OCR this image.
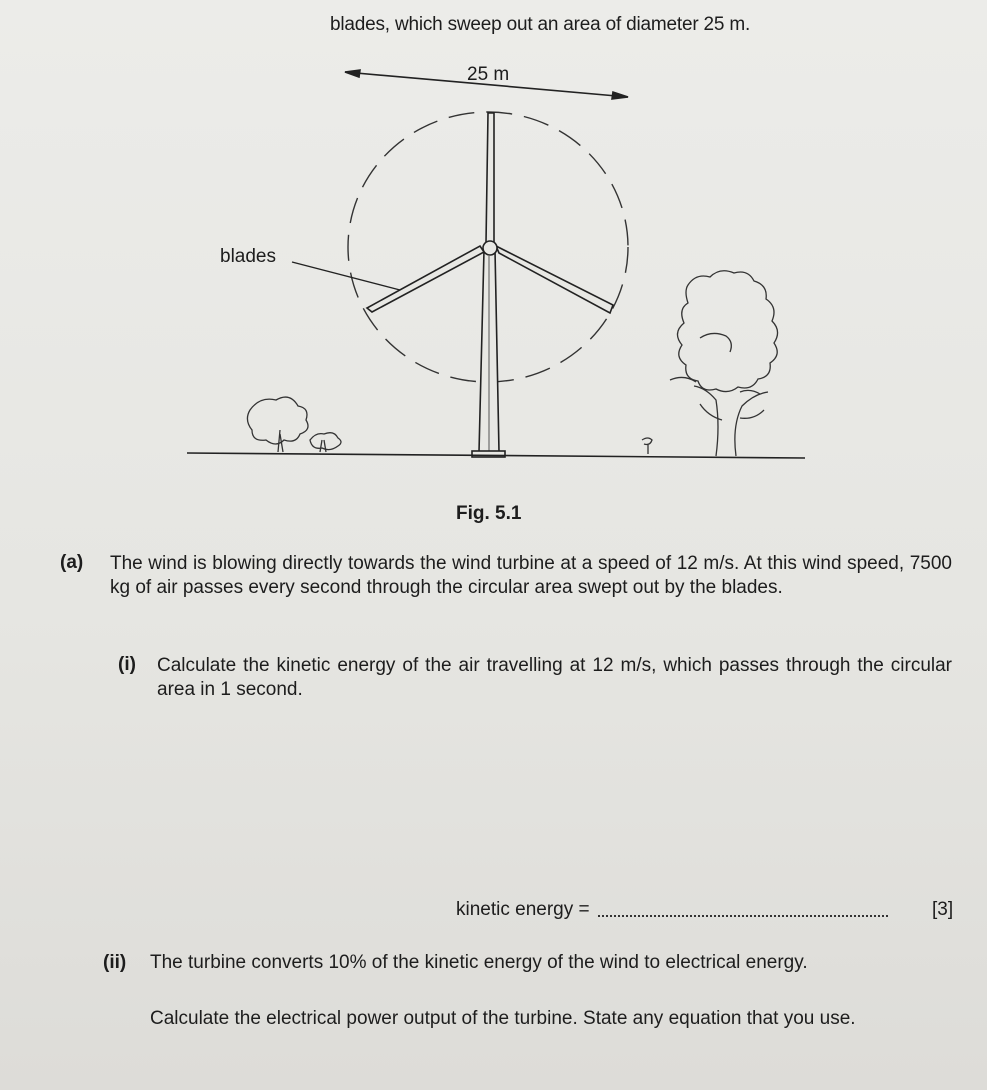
blades, which sweep out an area of diameter 25 m.
25 m
blades
Fig. 5.1
(a) The wind is blowing directly towards the wind turbine at a speed of 12 m/s. At this wind speed, 7500 kg of air passes every second through the circular area swept out by the blades.
(i) Calculate the kinetic energy of the air travelling at 12 m/s, which passes through the circular area in 1 second.
kinetic energy =	[3]
(ii) The turbine converts 10% of the kinetic energy of the wind to electrical energy.
Calculate the electrical power output of the turbine. State any equation that you use.
